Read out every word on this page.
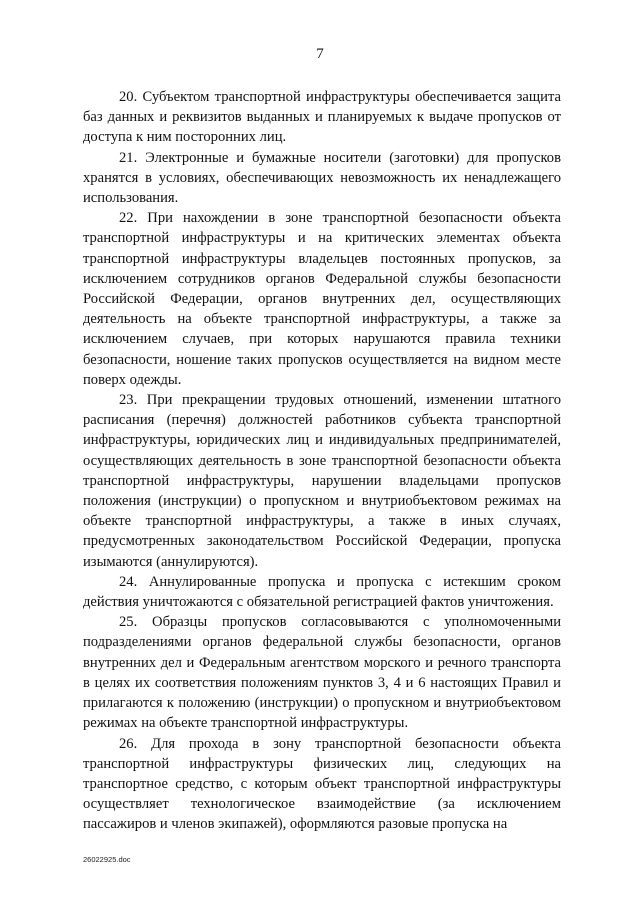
7

20. Субъектом транспортной инфраструктуры обеспечивается защита баз данных и реквизитов выданных и планируемых к выдаче пропусков от доступа к ним посторонних лиц.

21. Электронные и бумажные носители (заготовки) для пропусков хранятся в условиях, обеспечивающих невозможность их ненадлежащего использования.

22. При нахождении в зоне транспортной безопасности объекта транспортной инфраструктуры и на критических элементах объекта транспортной инфраструктуры владельцев постоянных пропусков, за исключением сотрудников органов Федеральной службы безопасности Российской Федерации, органов внутренних дел, осуществляющих деятельность на объекте транспортной инфраструктуры, а также за исключением случаев, при которых нарушаются правила техники безопасности, ношение таких пропусков осуществляется на видном месте поверх одежды.

23. При прекращении трудовых отношений, изменении штатного расписания (перечня) должностей работников субъекта транспортной инфраструктуры, юридических лиц и индивидуальных предпринимателей, осуществляющих деятельность в зоне транспортной безопасности объекта транспортной инфраструктуры, нарушении владельцами пропусков положения (инструкции) о пропускном и внутриобъектовом режимах на объекте транспортной инфраструктуры, а также в иных случаях, предусмотренных законодательством Российской Федерации, пропуска изымаются (аннулируются).

24. Аннулированные пропуска и пропуска с истекшим сроком действия уничтожаются с обязательной регистрацией фактов уничтожения.

25. Образцы пропусков согласовываются с уполномоченными подразделениями органов федеральной службы безопасности, органов внутренних дел и Федеральным агентством морского и речного транспорта в целях их соответствия положениям пунктов 3, 4 и 6 настоящих Правил и прилагаются к положению (инструкции) о пропускном и внутриобъектовом режимах на объекте транспортной инфраструктуры.

26. Для прохода в зону транспортной безопасности объекта транспортной инфраструктуры физических лиц, следующих на транспортное средство, с которым объект транспортной инфраструктуры осуществляет технологическое взаимодействие (за исключением пассажиров и членов экипажей), оформляются разовые пропуска на

26022925.doc
